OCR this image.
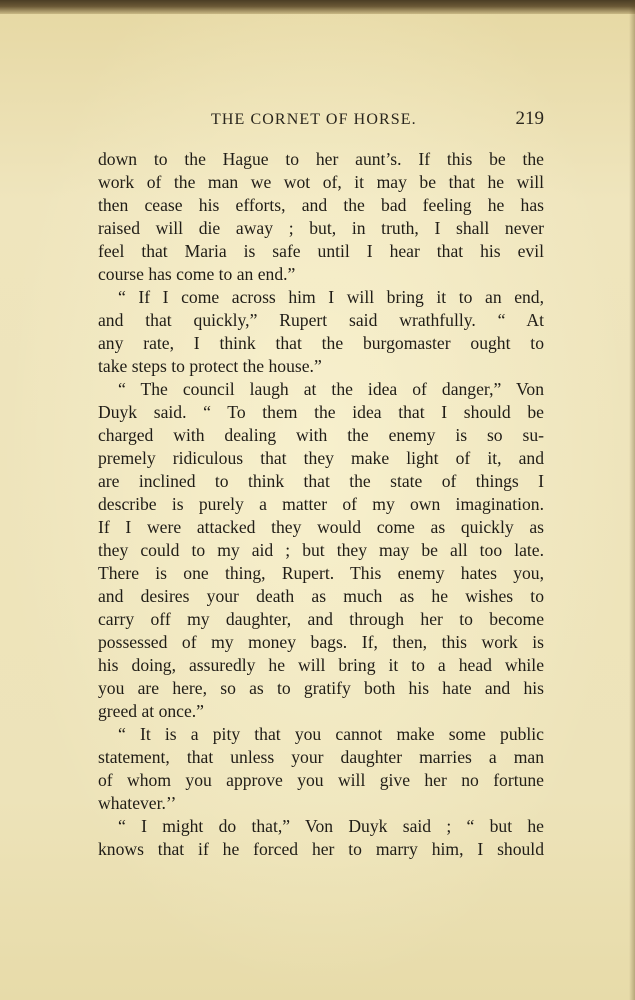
THE CORNET OF HORSE.	219
down to the Hague to her aunt’s. If this be the
work of the man we wot of, it may be that he will
then cease his efforts, and the bad feeling he has
raised will die away ; but, in truth, I shall never
feel that Maria is safe until I hear that his evil
course has come to an end.”
“ If I come across him I will bring it to an end,
and that quickly,” Rupert said wrathfully. “ At
any rate, I think that the burgomaster ought to
take steps to protect the house.”
“ The council laugh at the idea of danger,” Von
Duyk said. “ To them the idea that I should be
charged with dealing with the enemy is so su-
premely ridiculous that they make light of it, and
are inclined to think that the state of things I
describe is purely a matter of my own imagination.
If I were attacked they would come as quickly as
they could to my aid ; but they may be all too late.
There is one thing, Rupert. This enemy hates you,
and desires your death as much as he wishes to
carry off my daughter, and through her to become
possessed of my money bags. If, then, this work is
his doing, assuredly he will bring it to a head while
you are here, so as to gratify both his hate and his
greed at once.”
“ It is a pity that you cannot make some public
statement, that unless your daughter marries a man
of whom you approve you will give her no fortune
whatever.’’
“ I might do that,” Von Duyk said ; “ but he
knows that if he forced her to marry him, I should
